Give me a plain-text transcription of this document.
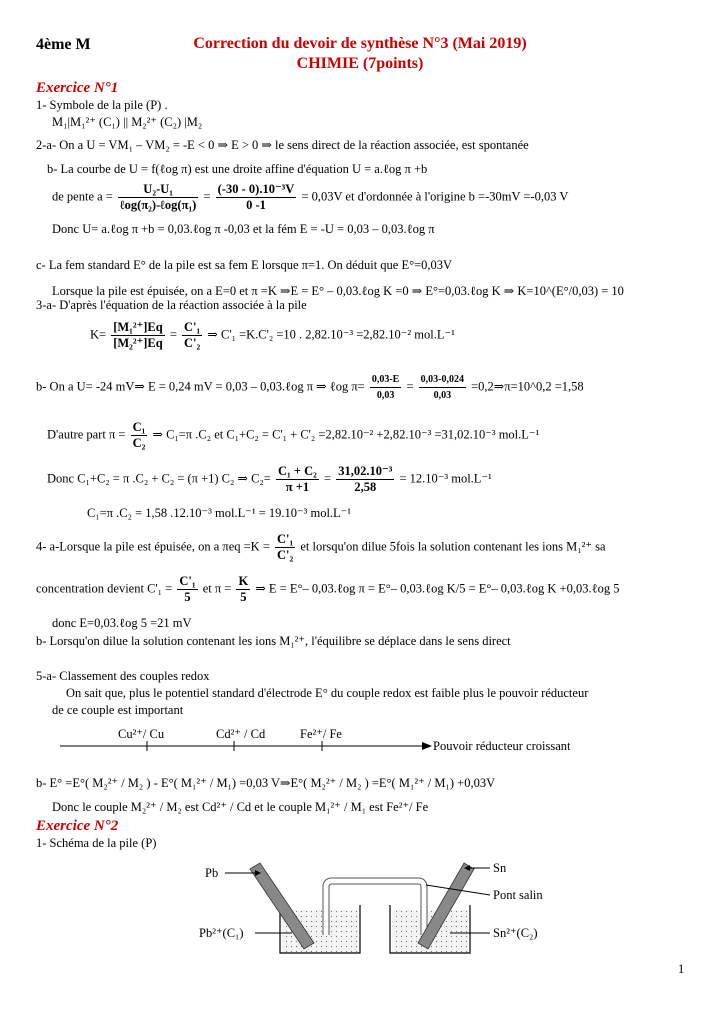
4ème M	Correction du devoir de synthèse N°3 (Mai 2019)
CHIMIE (7points)
Exercice N°1
1- Symbole de la pile (P) .
M₁|M₁²⁺ (C₁) || M₂²⁺ (C₂) |M₂
2-a- On a U = VM₁ – VM₂ = -E < 0 ⇒ E > 0 ⇒ le sens direct de la réaction associée, est spontanée
b- La courbe de U = f(ℓog π) est une droite affine d'équation U = a.ℓog π +b
de pente $a = \frac{\text{U₂-U₁}}{\text{ℓog(π₂)-ℓog(π₁)}} = \frac{\text{(-30 - 0).10⁻³V}}{0 -1} = 0,03V$ et d'ordonnée à l'origine b =-30mV =-0,03 V
Donc U= a.ℓog π +b = 0,03.ℓog π -0,03 et la fém E = -U = 0,03 – 0,03.ℓog π
c- La fem standard E° de la pile est sa fem E lorsque π=1. On déduit que E°=0,03V
Lorsque la pile est épuisée, on a E=0 et π =K ⇒E = E° – 0,03.ℓog K =0 ⇒ E°=0,03.ℓog K ⇒ K=10^(E°/0,03) = 10
3-a- D'après l'équation de la réaction associée à la pile
$K= \frac{\text{[M₁²⁺]Eq}}{\text{[M₂²⁺]Eq}} = \frac{\text{C'₁}}{\text{C'₂}}$ ⇒ C'₁ =K.C'₂ =10 . 2,82.10⁻³ =2,82.10⁻² mol.L⁻¹
b- On a U= -24 mV⇒ E = 0,24 mV = 0,03 – 0,03.ℓog π ⇒ ℓog $\pi= \frac{0,03-E}{0,03} = \frac{0,03-0,024}{0,03}$ =0,2⇒π=10^0,2 =1,58
D'autre part $\pi = \frac{\text{C₁}}{\text{C₂}}$ ⇒ C₁=π .C₂ et C₁+C₂ = C'₁ + C'₂ =2,82.10⁻² +2,82.10⁻³ =31,02.10⁻³ mol.L⁻¹
Donc C₁+C₂ = π .C₂ + C₂ = (π +1) C₂ ⇒ $C_2= \frac{\text{C₁ + C₂}}{\pi +1} = \frac{\text{31,02.10⁻³}}{2,58} = 12.10^{-3}$ mol.L⁻¹
C₁=π .C₂ = 1,58 .12.10⁻³ mol.L⁻¹ = 19.10⁻³ mol.L⁻¹
4- a-Lorsque la pile est épuisée, on a $\pi eq =K = \frac{\text{C'₁}}{\text{C'₂}}$ et lorsqu'on dilue 5fois la solution contenant les ions M₁²⁺ sa
concentration devient $C'_1 = \frac{\text{C'₁}}{5}$ et $\pi = \frac{K}{5}$ ⇒ E = E°– 0,03.ℓog π = E°– 0,03.ℓog K/5 = E°– 0,03.ℓog K +0,03.ℓog 5
donc E=0,03.ℓog 5 =21 mV
b- Lorsqu'on dilue la solution contenant les ions M₁²⁺, l'équilibre se déplace dans le sens direct
5-a- Classement des couples redox
On sait que, plus le potentiel standard d'électrode E° du couple redox est faible plus le pouvoir réducteur
de ce couple est important
Cu²⁺/ Cu	Cd²⁺ / Cd	Fe²⁺/ Fe
Pouvoir réducteur croissant
b- E° =E°( M₂²⁺ / M₂ ) - E°( M₁²⁺ / M₁) =0,03 V⇒E°( M₂²⁺ / M₂ ) =E°( M₁²⁺ / M₁) +0,03V
Donc le couple M₂²⁺ / M₂ est Cd²⁺ / Cd et le couple M₁²⁺ / M₁ est Fe²⁺/ Fe
Exercice N°2
1- Schéma de la pile (P)
Pb	Sn
Pont salin
Pb²⁺(C₁)	Sn²⁺(C₂)
1
